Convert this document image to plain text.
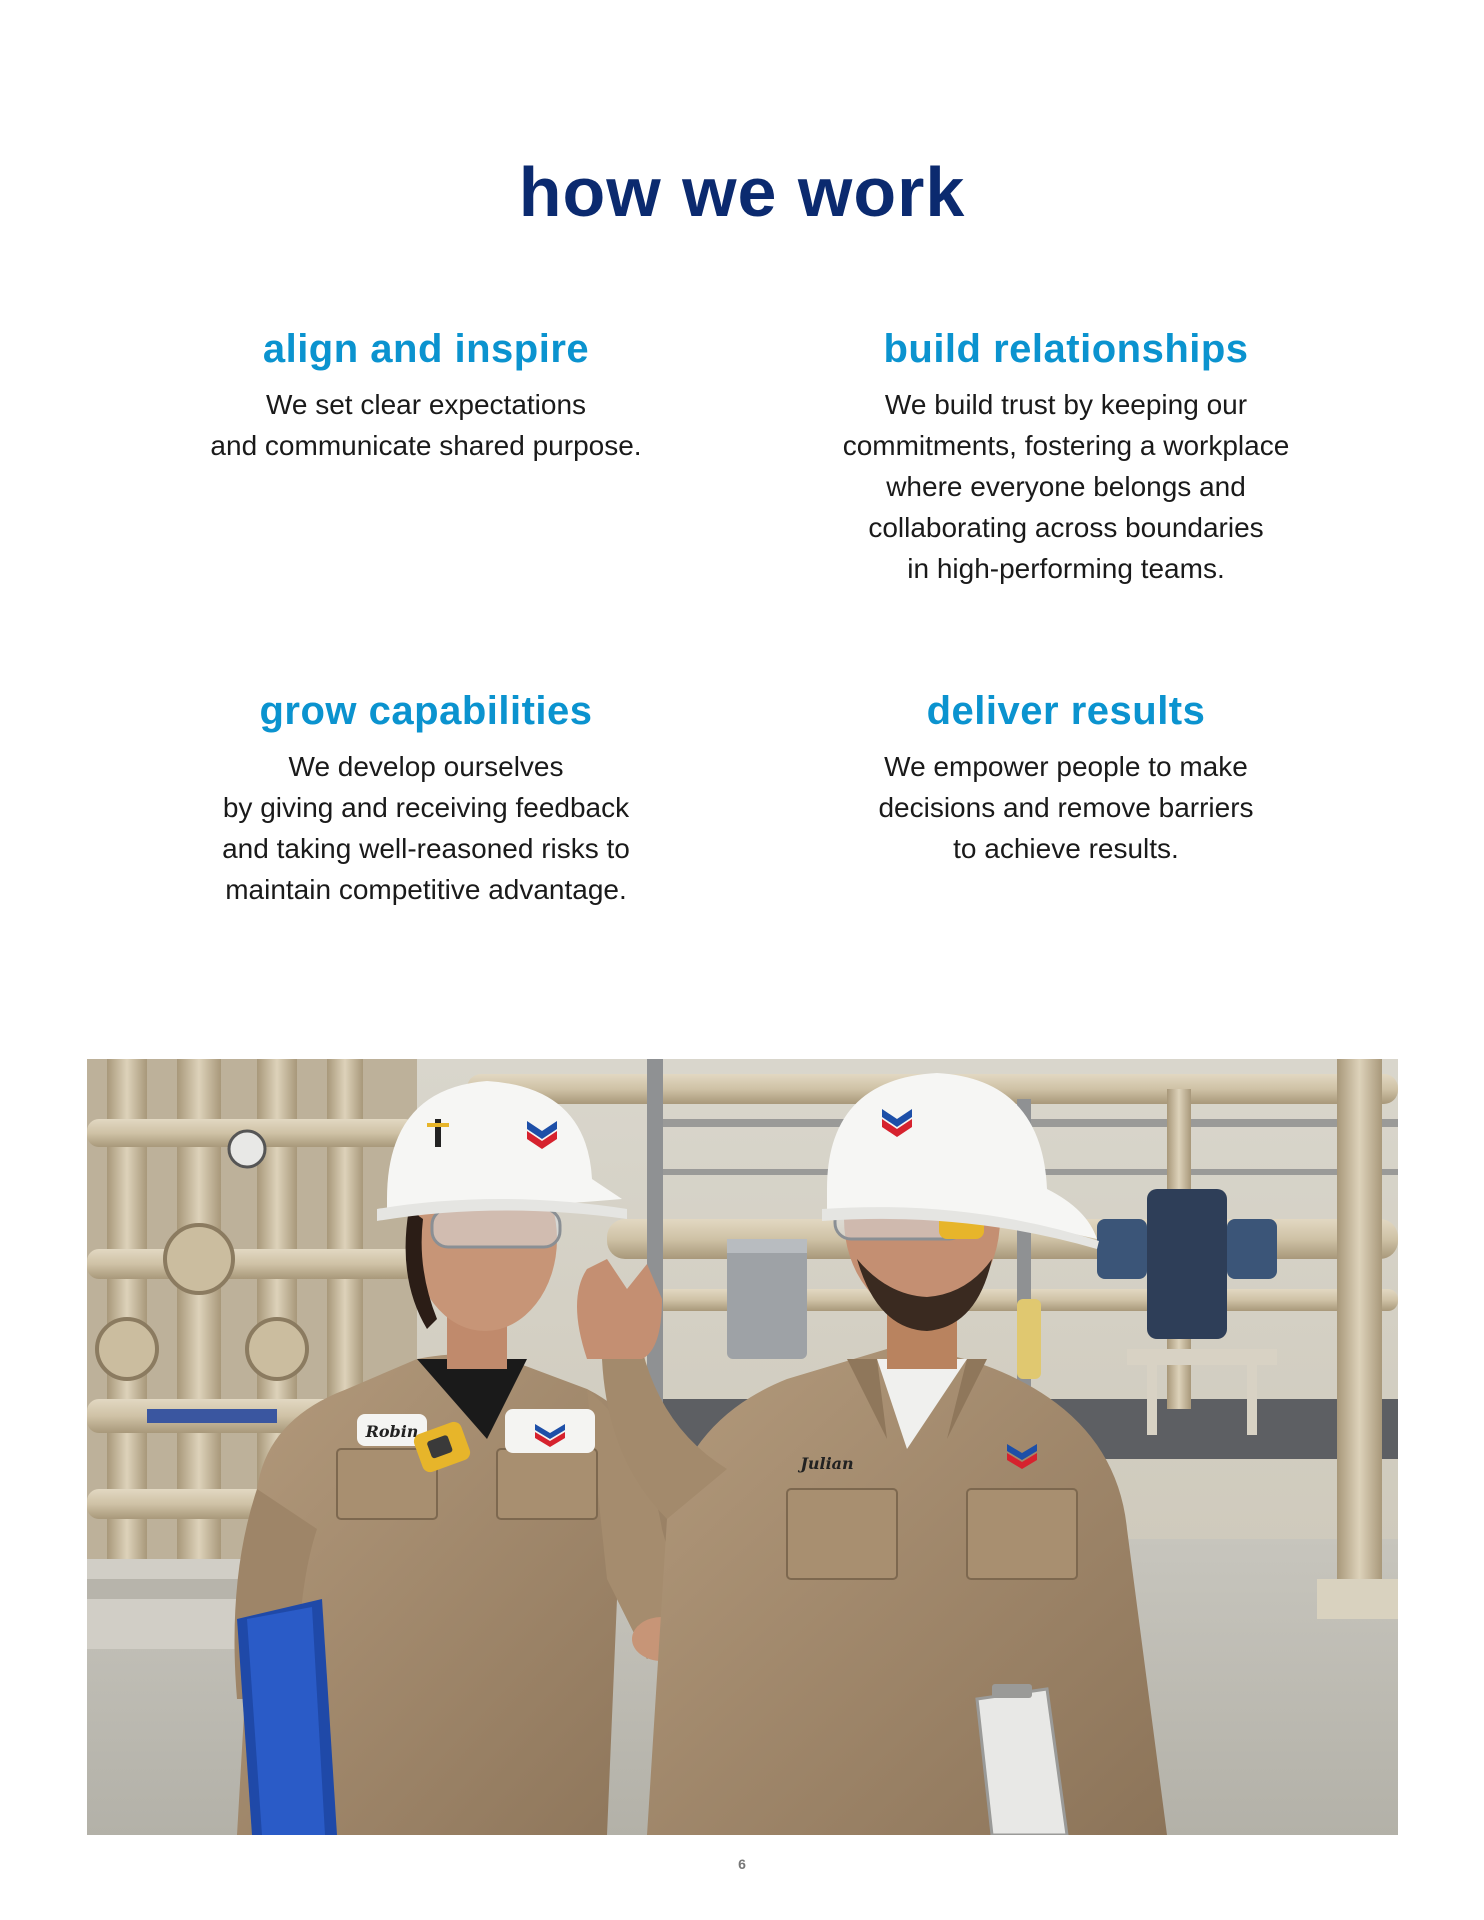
how we work
align and inspire

We set clear expectations
and communicate shared purpose.

build relationships

We build trust by keeping our
commitments, fostering a workplace
where everyone belongs and
collaborating across boundaries
in high-performing teams.

grow capabilities

We develop ourselves
by giving and receiving feedback
and taking well-reasoned risks to
maintain competitive advantage.

deliver results

We empower people to make
decisions and remove barriers
to achieve results.

Robin
Julian
6
